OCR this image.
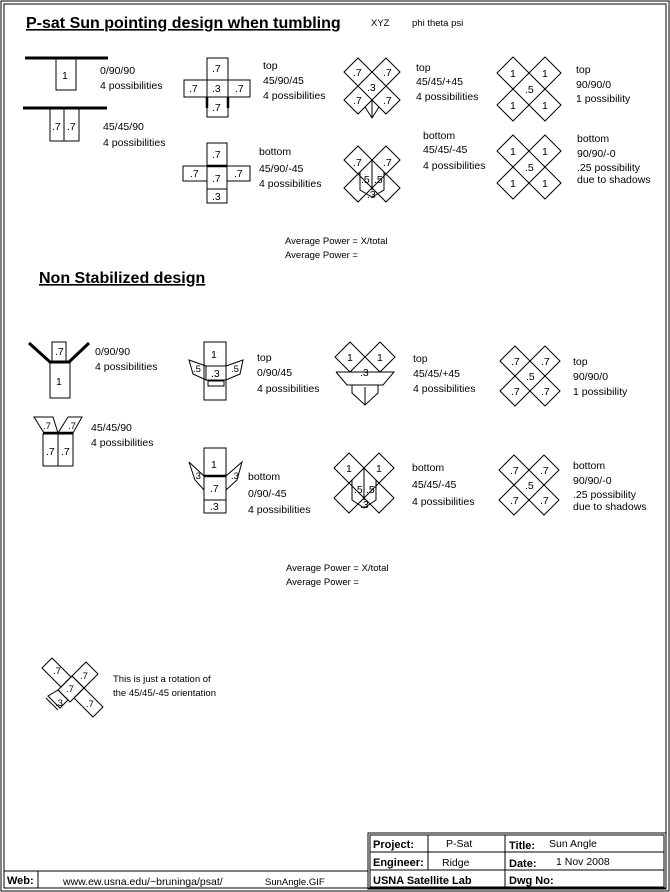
P-sat Sun pointing design when tumbling	XYZ phi theta psi
1	0/90/90
4 possibilities
.7 .7	45/45/90
4 possibilities
.7
.7 .3 .7
.7
top
45/90/45
4 possibilities
.7
.7 .7 .7
.3
bottom
45/90/-45
4 possibilities
.7 .7
.3
.7 .7
top
45/45/+45
4 possibilities
1 1
.5
1 1
top
90/90/0
1 possibility
.7 .7
.5 .5
.3
bottom
45/45/-45
4 possibilities
1 1
.5
1 1
bottom
90/90/-0
.25 possibility
due to shadows
Average Power = X/total
Average Power =
Non Stabilized design
.7
1
0/90/90
4 possibilities
.7 .7
.7 .7
45/45/90
4 possibilities
1
.5 .3 .5
top
0/90/45
4 possibilities
1
.3
.7
.3
.3
bottom
0/90/-45
4 possibilities
1 1
.3
top
45/45/+45
4 possibilities
.7 .7
.5
.7 .7
top
90/90/0
1 possibility
1 1
.5 .5
.3
bottom
45/45/-45
4 possibilities
.7 .7
.5
.7 .7
bottom
90/90/-0
.25 possibility
due to shadows
Average Power = X/total
Average Power =
.7 .7
.7
.3 .7
This is just a rotation of
the 45/45/-45 orientation
Project:	P-Sat	Title: Sun Angle
Engineer: Ridge	Date: 1 Nov 2008
USNA Satellite Lab	Dwg No:
Web:	www.ew.usna.edu/~bruninga/psat/	SunAngle.GIF
